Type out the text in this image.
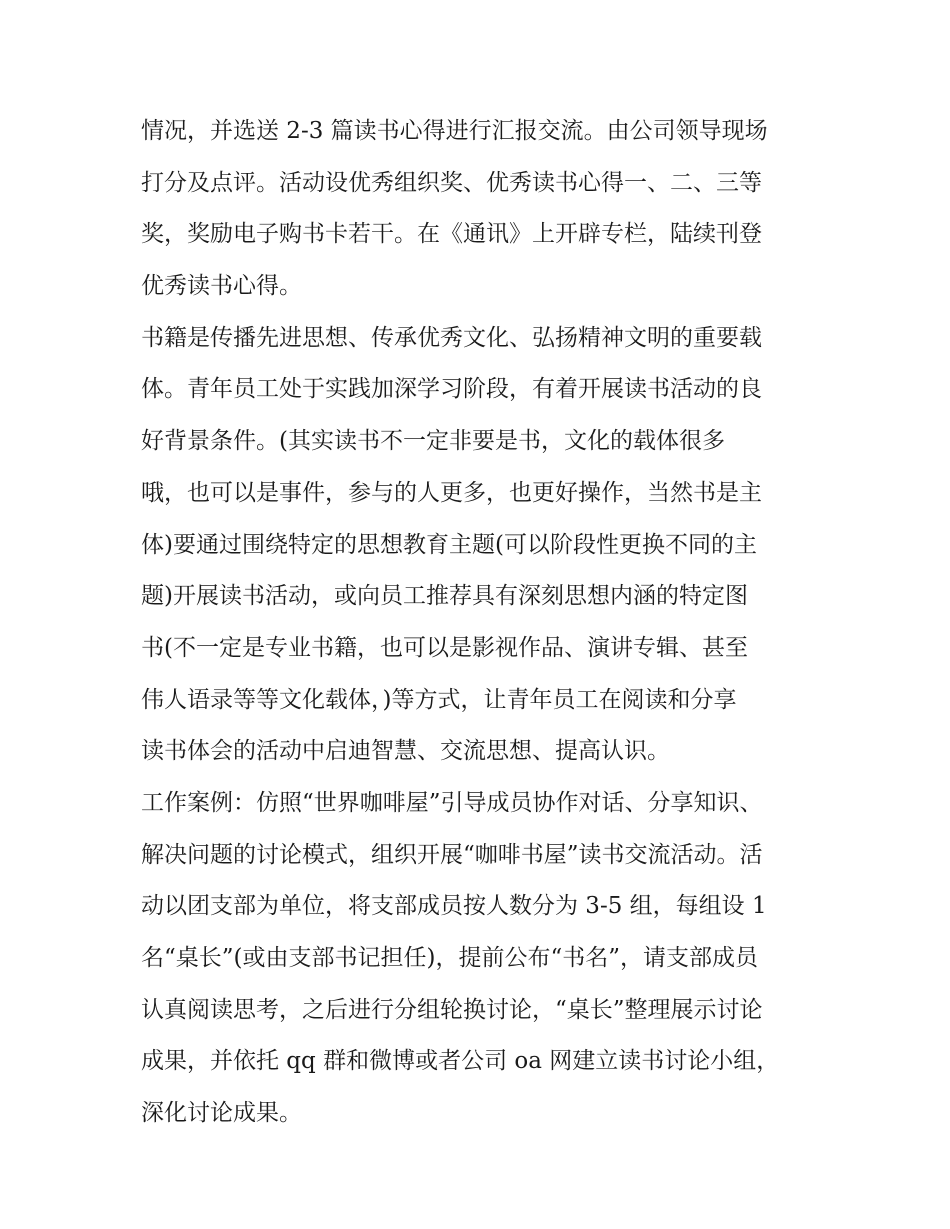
情况，并选送 2-3 篇读书心得进行汇报交流。由公司领导现场
打分及点评。活动设优秀组织奖、优秀读书心得一、二、三等
奖，奖励电子购书卡若干。在《通讯》上开辟专栏，陆续刊登
优秀读书心得。

书籍是传播先进思想、传承优秀文化、弘扬精神文明的重要载
体。青年员工处于实践加深学习阶段，有着开展读书活动的良
好背景条件。(其实读书不一定非要是书，文化的载体很多
哦，也可以是事件，参与的人更多，也更好操作，当然书是主
体)要通过围绕特定的思想教育主题(可以阶段性更换不同的主
题)开展读书活动，或向员工推荐具有深刻思想内涵的特定图
书(不一定是专业书籍，也可以是影视作品、演讲专辑、甚至
伟人语录等等文化载体，)等方式，让青年员工在阅读和分享
读书体会的活动中启迪智慧、交流思想、提高认识。

工作案例：仿照“世界咖啡屋”引导成员协作对话、分享知识、
解决问题的讨论模式，组织开展“咖啡书屋”读书交流活动。活
动以团支部为单位，将支部成员按人数分为 3-5 组，每组设 1
名“桌长”(或由支部书记担任)，提前公布“书名”，请支部成员
认真阅读思考，之后进行分组轮换讨论，“桌长”整理展示讨论
成果，并依托 qq 群和微博或者公司 oa 网建立读书讨论小组，
深化讨论成果。
